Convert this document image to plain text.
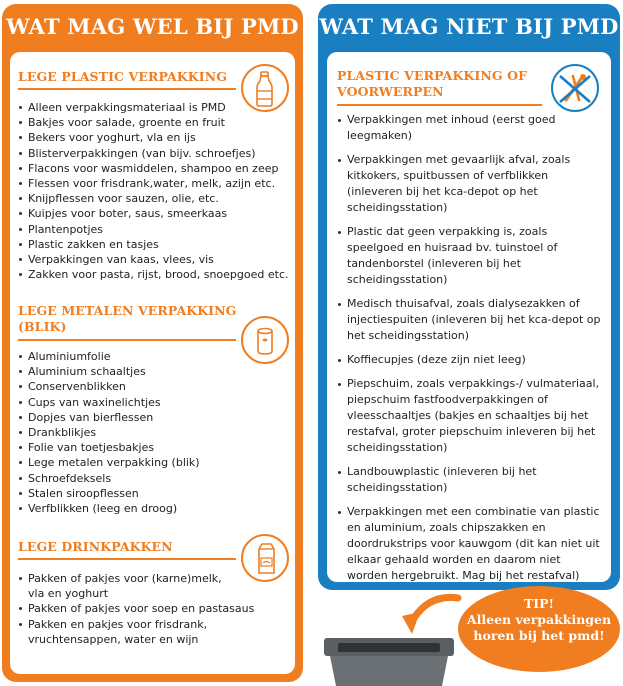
WAT MAG WEL BIJ PMD
LEGE PLASTIC VERPAKKING
Alleen verpakkingsmateriaal is PMD
Bakjes voor salade, groente en fruit
Bekers voor yoghurt, vla en ijs
Blisterverpakkingen (van bijv. schroefjes)
Flacons voor wasmiddelen, shampoo en zeep
Flessen voor frisdrank,water, melk, azijn etc.
Knijpflessen voor sauzen, olie, etc.
Kuipjes voor boter, saus, smeerkaas
Plantenpotjes
Plastic zakken en tasjes
Verpakkingen van kaas, vlees, vis
Zakken voor pasta, rijst, brood, snoepgoed etc.
LEGE METALEN VERPAKKING
(BLIK)
Aluminiumfolie
Aluminium schaaltjes
Conservenblikken
Cups van waxinelichtjes
Dopjes van bierflessen
Drankblikjes
Folie van toetjesbakjes
Lege metalen verpakking (blik)
Schroefdeksels
Stalen siroopflessen
Verfblikken (leeg en droog)
LEGE DRINKPAKKEN
Pakken of pakjes voor (karne)melk,
vla en yoghurt
Pakken of pakjes voor soep en pastasaus
Pakken en pakjes voor frisdrank,
vruchtensappen, water en wijn
WAT MAG NIET BIJ PMD
PLASTIC VERPAKKING OF
VOORWERPEN
Verpakkingen met inhoud (eerst goed leegmaken)
Verpakkingen met gevaarlijk afval, zoals kitkokers, spuitbussen of verfblikken (inleveren bij het kca-depot op het scheidingsstation)
Plastic dat geen verpakking is, zoals speelgoed en huisraad bv. tuinstoel of tandenborstel (inleveren bij het scheidingsstation)
Medisch thuisafval, zoals dialysezakken of injectiespuiten (inleveren bij het kca-depot op het scheidingsstation)
Koffiecupjes (deze zijn niet leeg)
Piepschuim, zoals verpakkings-/ vulmateriaal, piepschuim fastfoodverpakkingen of vleesschaaltjes (bakjes en schaaltjes bij het restafval, groter piepschuim inleveren bij het scheidingsstation)
Landbouwplastic (inleveren bij het scheidingsstation)
Verpakkingen met een combinatie van plastic en aluminium, zoals chipszakken en doordrukstrips voor kauwgom (dit kan niet uit elkaar gehaald worden en daarom niet worden hergebruikt. Mag bij het restafval)
TIP!
Alleen verpakkingen
horen bij het pmd!
